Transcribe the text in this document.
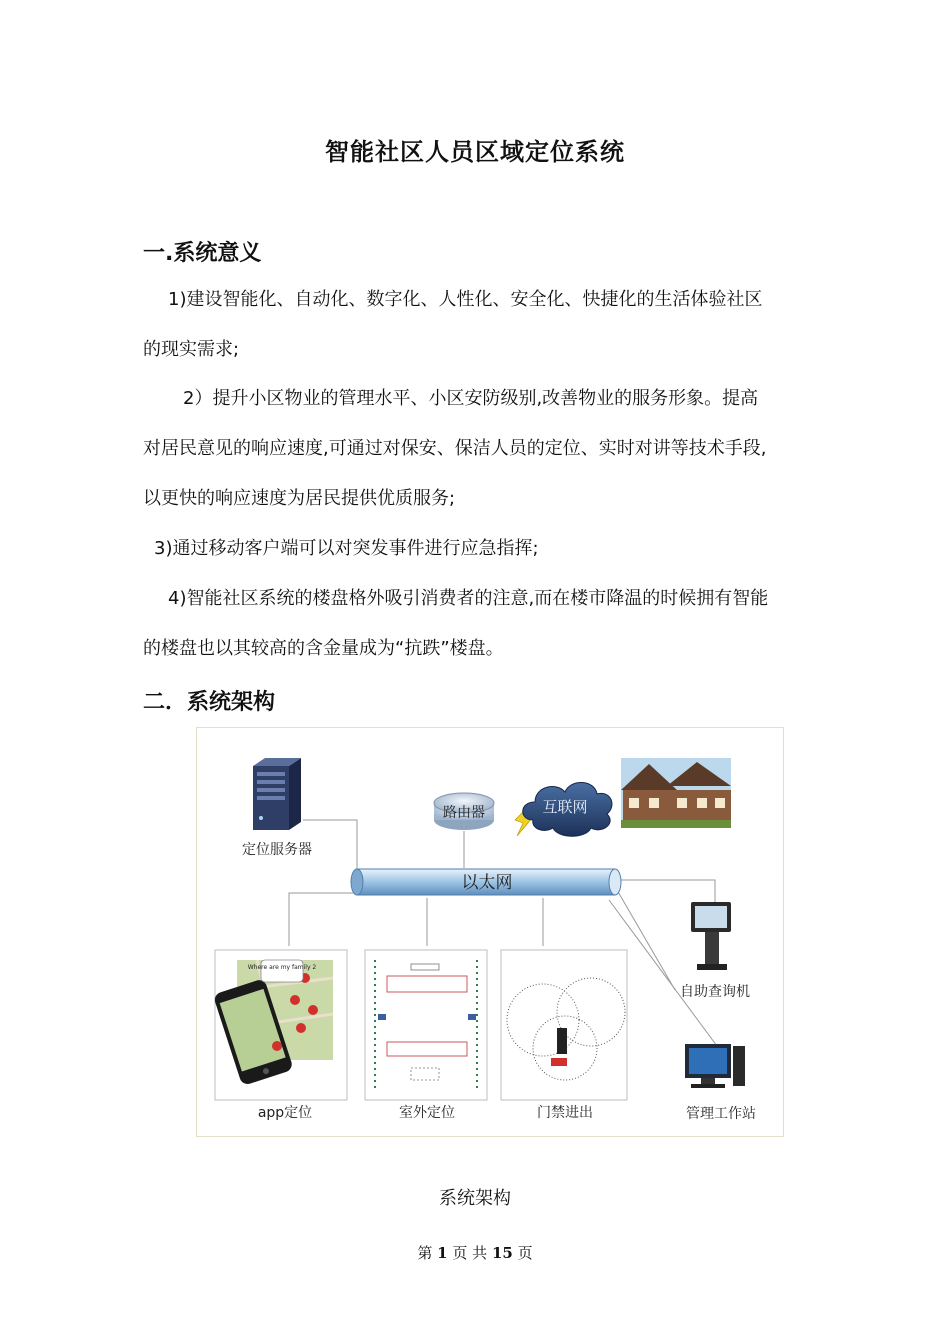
智能社区人员区域定位系统
一.系统意义
1)建设智能化、自动化、数字化、人性化、安全化、快捷化的生活体验社区
的现实需求;
2）提升小区物业的管理水平、小区安防级别,改善物业的服务形象。提高
对居民意见的响应速度,可通过对保安、保洁人员的定位、实时对讲等技术手段,
以更快的响应速度为居民提供优质服务;
3)通过移动客户端可以对突发事件进行应急指挥;
4)智能社区系统的楼盘格外吸引消费者的注意,而在楼市降温的时候拥有智能
的楼盘也以其较高的含金量成为“抗跌”楼盘。
二．系统架构
定位服务器
路由器	互联网
以太网
自助查询机
管理工作站
Where are my family 2
app定位	室外定位	门禁进出
系统架构
第 1 页 共 15 页
